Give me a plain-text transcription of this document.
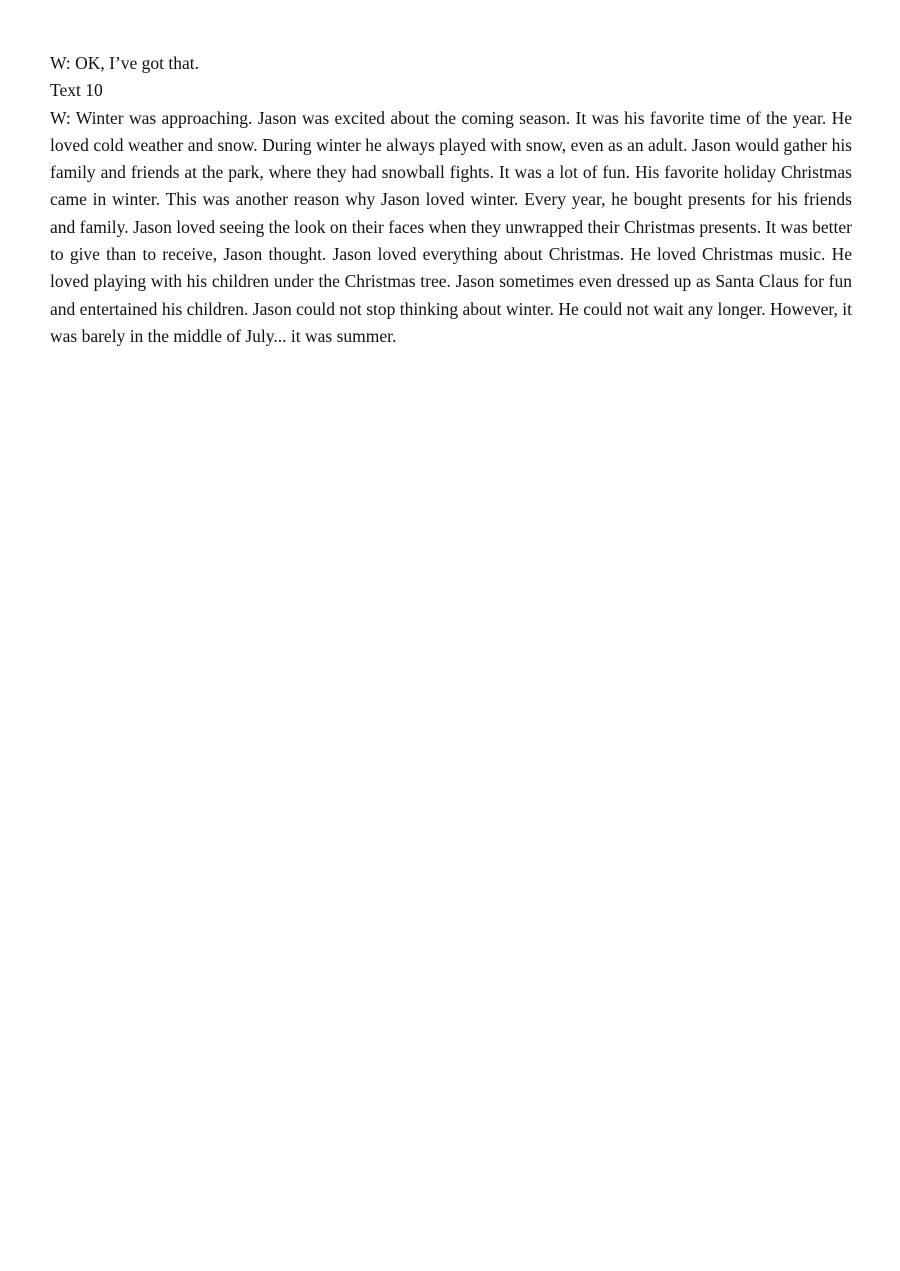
W: OK, I’ve got that.

Text 10

W: Winter was approaching. Jason was excited about the coming season. It was his favorite time of the year. He loved cold weather and snow. During winter he always played with snow, even as an adult. Jason would gather his family and friends at the park, where they had snowball fights. It was a lot of fun. His favorite holiday Christmas came in winter. This was another reason why Jason loved winter. Every year, he bought presents for his friends and family. Jason loved seeing the look on their faces when they unwrapped their Christmas presents. It was better to give than to receive, Jason thought. Jason loved everything about Christmas. He loved Christmas music. He loved playing with his children under the Christmas tree. Jason sometimes even dressed up as Santa Claus for fun and entertained his children. Jason could not stop thinking about winter. He could not wait any longer. However, it was barely in the middle of July... it was summer.
